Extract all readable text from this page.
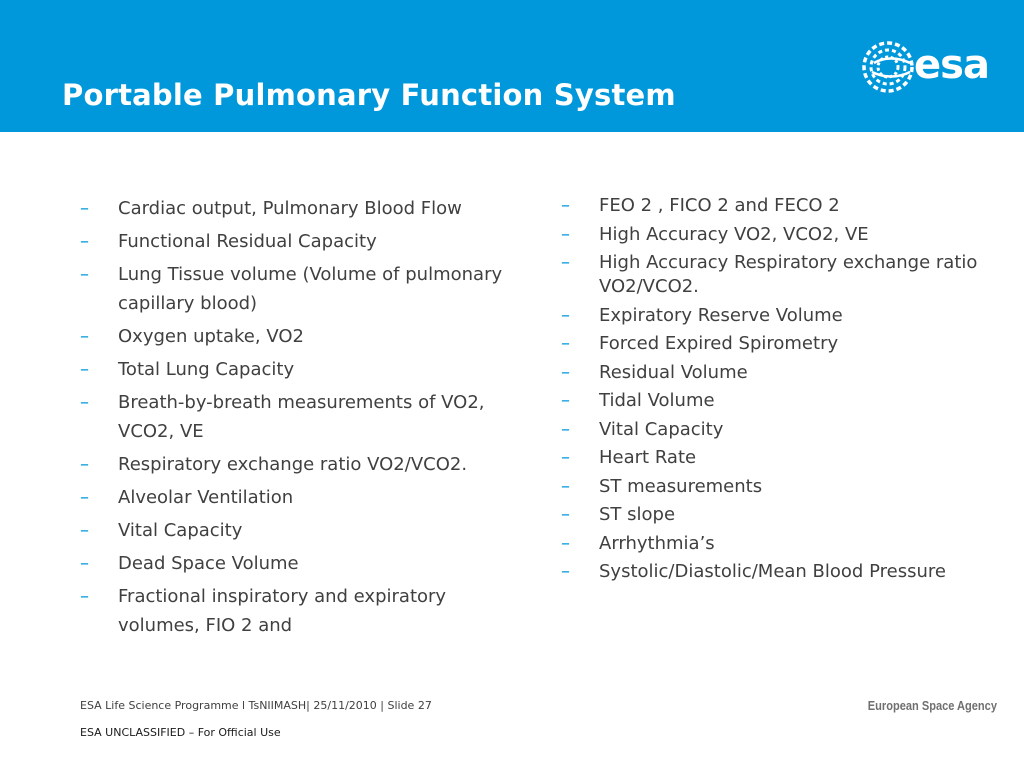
Portable Pulmonary Function System
esa
– Cardiac output, Pulmonary Blood Flow
– Functional Residual Capacity
– Lung Tissue volume (Volume of pulmonary capillary blood)
– Oxygen uptake, VO2
– Total Lung Capacity
– Breath-by-breath measurements of VO2, VCO2, VE
– Respiratory exchange ratio VO2/VCO2.
– Alveolar Ventilation
– Vital Capacity
– Dead Space Volume
– Fractional inspiratory and expiratory volumes, FIO 2 and
– FEO 2 , FICO 2 and FECO 2
– High Accuracy VO2, VCO2, VE
– High Accuracy Respiratory exchange ratio VO2/VCO2.
– Expiratory Reserve Volume
– Forced Expired Spirometry
– Residual Volume
– Tidal Volume
– Vital Capacity
– Heart Rate
– ST measurements
– ST slope
– Arrhythmia’s
– Systolic/Diastolic/Mean Blood Pressure
ESA Life Science Programme l TsNIIMASH| 25/11/2010 | Slide 27
ESA UNCLASSIFIED – For Official Use
European Space Agency
